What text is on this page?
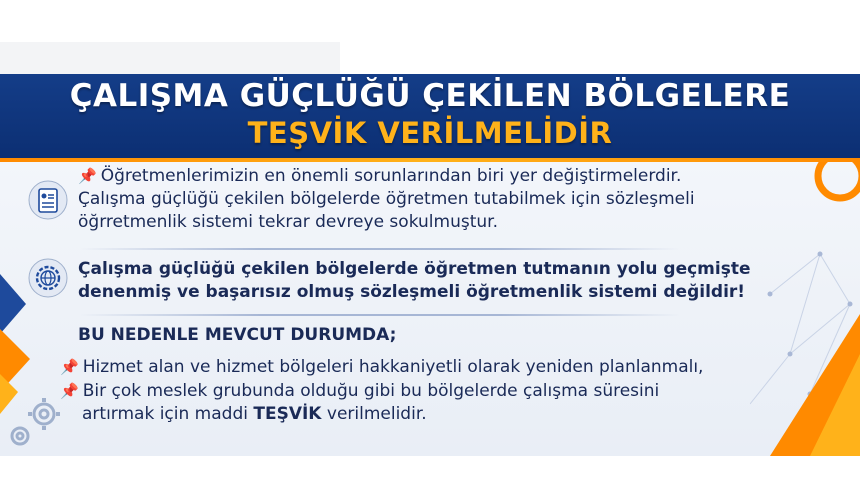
ÇALIŞMA GÜÇLÜĞÜ ÇEKİLEN BÖLGELERE
TEŞVİK VERİLMELİDİR
📌 Öğretmenlerimizin en önemli sorunlarından biri yer değiştirmelerdir.
Çalışma güçlüğü çekilen bölgelerde öğretmen tutabilmek için sözleşmeli
öğrretmenlik sistemi tekrar devreye sokulmuştur.
Çalışma güçlüğü çekilen bölgelerde öğretmen tutmanın yolu geçmişte
denenmiş ve başarısız olmuş sözleşmeli öğretmenlik sistemi değildir!
BU NEDENLE MEVCUT DURUMDA;
📌 Hizmet alan ve hizmet bölgeleri hakkaniyetli olarak yeniden planlanmalı,
📌 Bir çok meslek grubunda olduğu gibi bu bölgelerde çalışma süresini
artırmak için maddi TEŞVİK verilmelidir.
